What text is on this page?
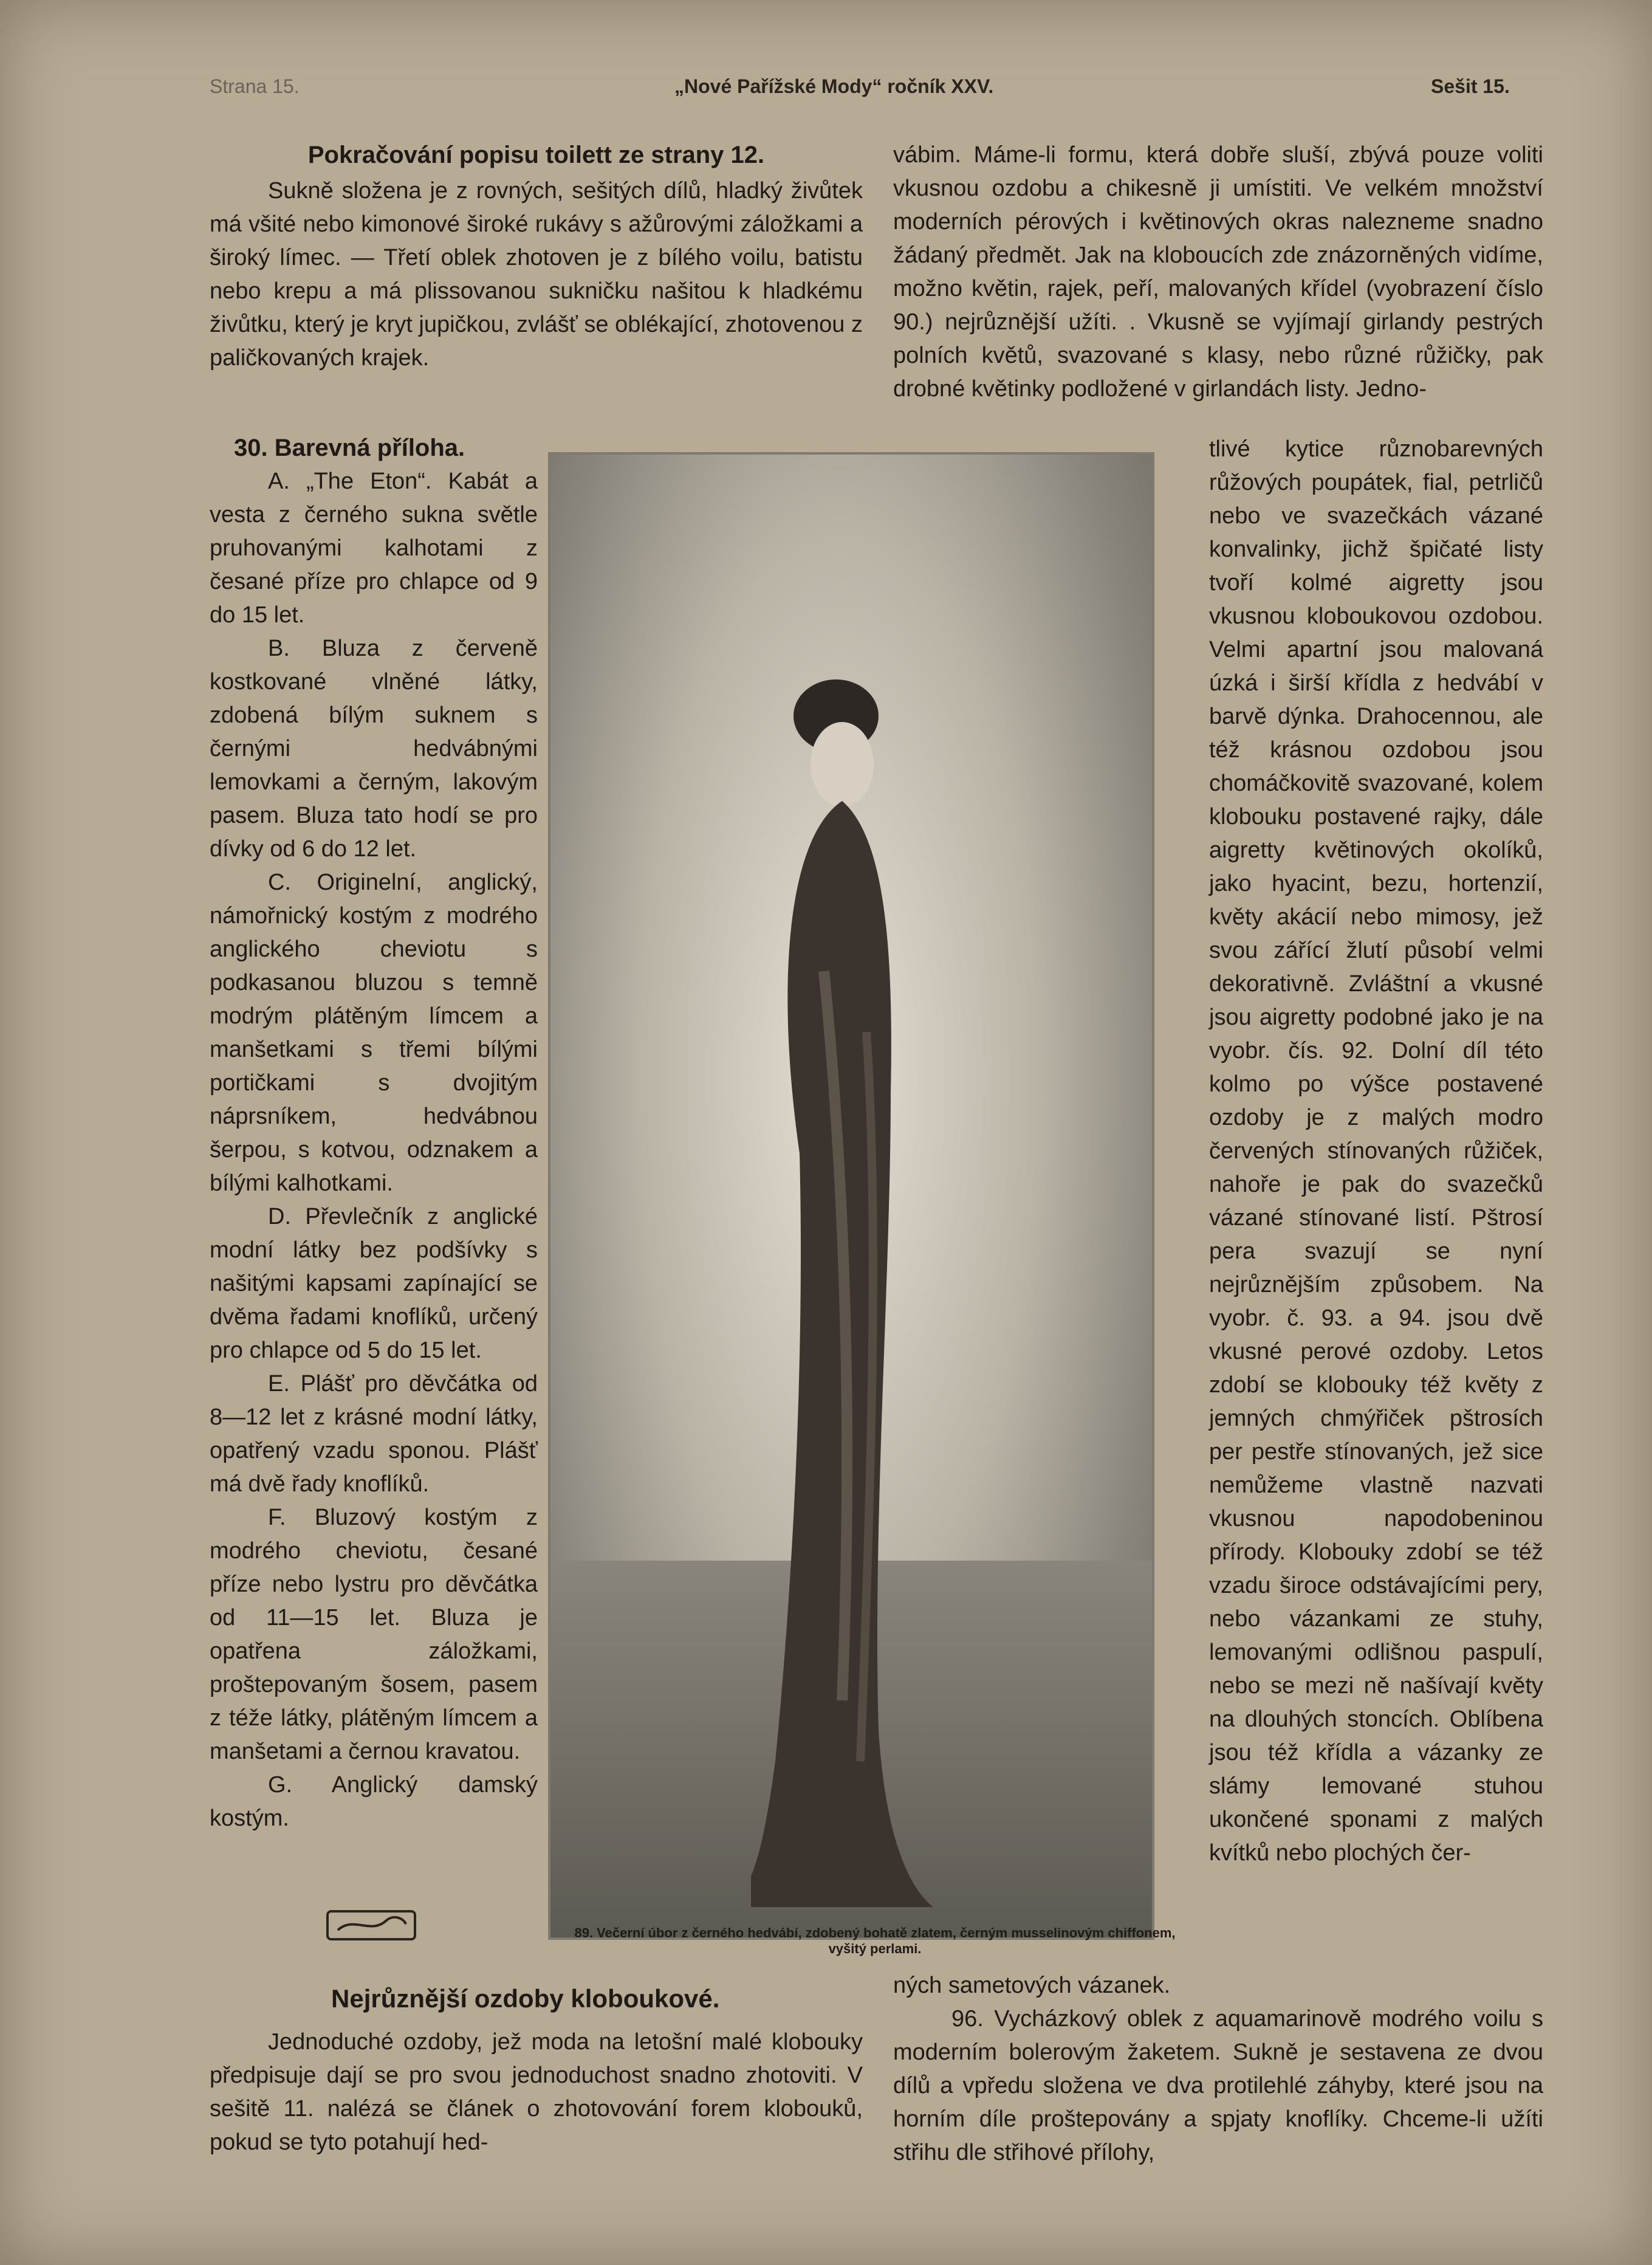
Strana 15.	„Nové Pařížské Mody“ ročník XXV.	Sešit 15.

Pokračování popisu toilett ze strany 12.

Sukně složena je z rovných, sešitých dílů, hladký živůtek má všité nebo kimonové široké rukávy s ažůrovými záložkami a široký límec. — Třetí oblek zhotoven je z bílého voilu, batistu nebo krepu a má plissovanou sukničku našitou k hladkému živůtku, který je kryt jupičkou, zvlášť se oblékající, zhotovenou z paličkovaných krajek.

vábim. Máme-li formu, která dobře sluší, zbývá pouze voliti vkusnou ozdobu a chikesně ji umístiti. Ve velkém množství moderních pérových i květinových okras nalezneme snadno žádaný předmět. Jak na kloboucích zde znázorněných vidíme, možno květin, rajek, peří, malovaných křídel (vyobrazení číslo 90.) nejrůznější užíti. . Vkusně se vyjímají girlandy pestrých polních květů, svazované s klasy, nebo různé růžičky, pak drobné květinky podložené v girlandách listy. Jedno-

30. Barevná příloha.

A. „The Eton“. Kabát a vesta z černého sukna světle pruhovanými kalhotami z česané příze pro chlapce od 9 do 15 let.

B. Bluza z červeně kostkované vlněné látky, zdobená bílým suknem s černými hedvábnými lemovkami a černým, lakovým pasem. Bluza tato hodí se pro dívky od 6 do 12 let.

C. Originelní, anglický, námořnický kostým z modrého anglického cheviotu s podkasanou bluzou s temně modrým plátěným límcem a manšetkami s třemi bílými portičkami s dvojitým náprsníkem, hedvábnou šerpou, s kotvou, odznakem a bílými kalhotkami.

D. Převlečník z anglické modní látky bez podšívky s našitými kapsami zapínající se dvěma řadami knoflíků, určený pro chlapce od 5 do 15 let.

E. Plášť pro děvčátka od 8—12 let z krásné modní látky, opatřený vzadu sponou. Plášť má dvě řady knoflíků.

F. Bluzový kostým z modrého cheviotu, česané příze nebo lystru pro děvčátka od 11—15 let. Bluza je opatřena záložkami, proštepovaným šosem, pasem z téže látky, plátěným límcem a manšetami a černou kravatou.

G. Anglický damský kostým.

89. Večerní úbor z černého hedvábí, zdobený bohatě zlatem, černým musselinovým chiffonem, vyšitý perlami.

tlivé kytice různobarevných růžových poupátek, fial, petrličů nebo ve svazečkách vázané konvalinky, jichž špičaté listy tvoří kolmé aigretty jsou vkusnou kloboukovou ozdobou. Velmi apartní jsou malovaná úzká i širší křídla z hedvábí v barvě dýnka. Drahocennou, ale též krásnou ozdobou jsou chomáčkovitě svazované, kolem klobouku postavené rajky, dále aigretty květinových okolíků, jako hyacint, bezu, hortenzií, květy akácií nebo mimosy, jež svou zářící žlutí působí velmi dekorativně. Zvláštní a vkusné jsou aigretty podobné jako je na vyobr. čís. 92. Dolní díl této kolmo po výšce postavené ozdoby je z malých modro červených stínovaných růžiček, nahoře je pak do svazečků vázané stínované listí. Pštrosí pera svazují se nyní nejrůznějším způsobem. Na vyobr. č. 93. a 94. jsou dvě vkusné perové ozdoby. Letos zdobí se klobouky též květy z jemných chmýřiček pštrosích per pestře stínovaných, jež sice nemůžeme vlastně nazvati vkusnou napodobeninou přírody. Klobouky zdobí se též vzadu široce odstávajícími pery, nebo vázankami ze stuhy, lemovanými odlišnou paspulí, nebo se mezi ně našívají květy na dlouhých stoncích. Oblíbena jsou též křídla a vázanky ze slámy lemované stuhou ukončené sponami z malých kvítků nebo plochých čer-

Nejrůznější ozdoby kloboukové.

Jednoduché ozdoby, jež moda na letošní malé klobouky předpisuje dají se pro svou jednoduchost snadno zhotoviti. V sešitě 11. nalézá se článek o zhotovování forem klobouků, pokud se tyto potahují hed-

ných sametových vázanek.

96. Vycházkový oblek z aquamarinově modrého voilu s moderním bolerovým žaketem. Sukně je sestavena ze dvou dílů a vpředu složena ve dva protilehlé záhyby, které jsou na horním díle proštepovány a spjaty knoflíky. Chceme-li užíti střihu dle střihové přílohy,
